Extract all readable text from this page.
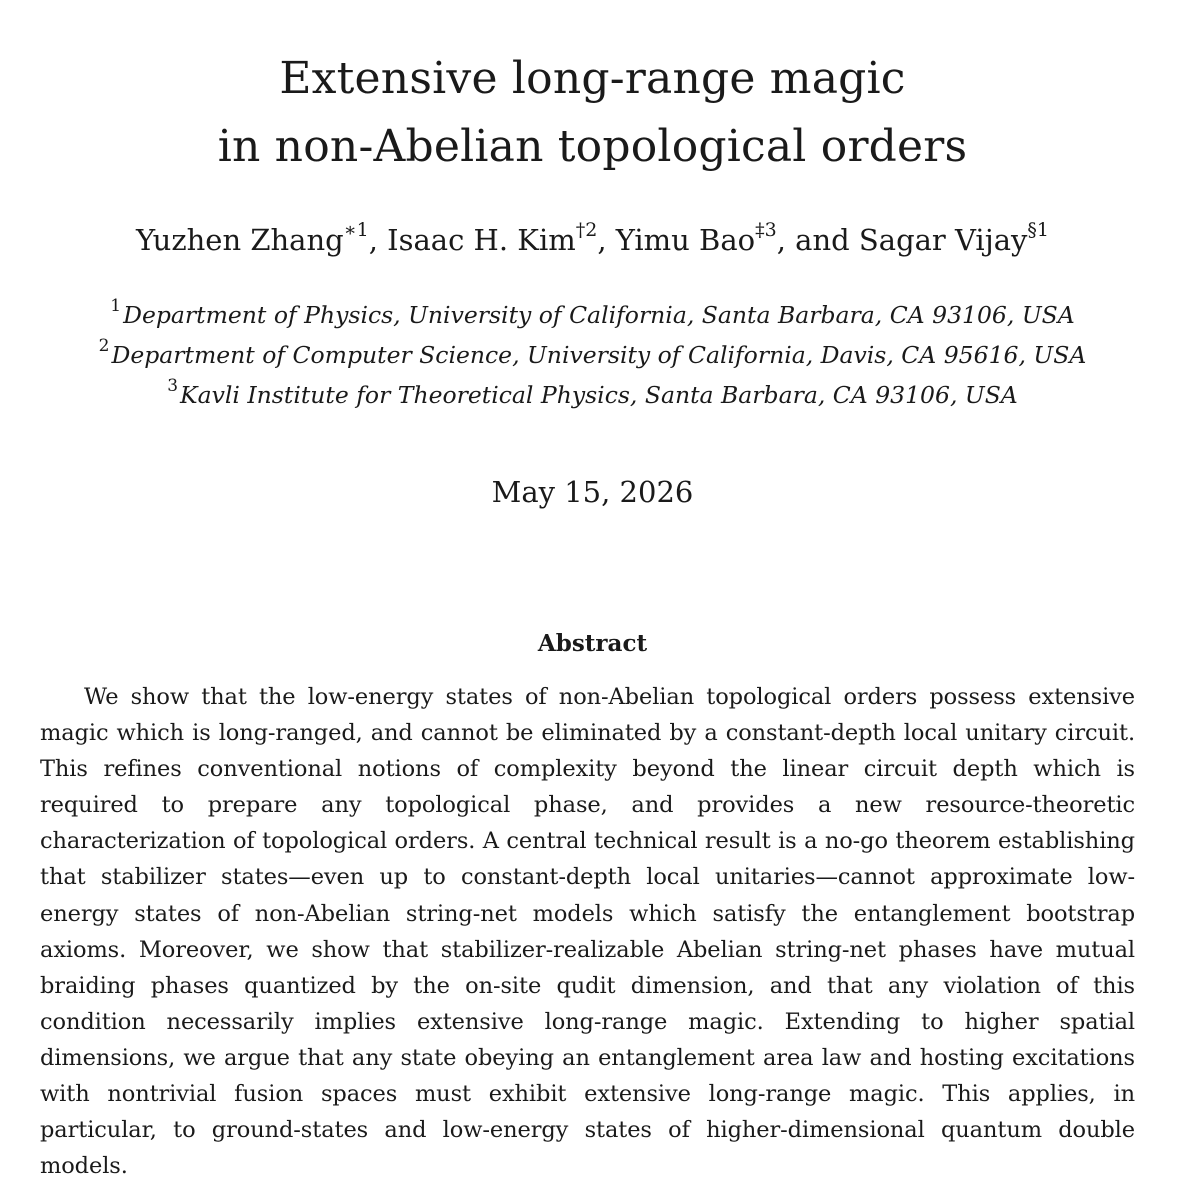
Extensive long-range magic
in non-Abelian topological orders
Yuzhen Zhang$^{∗1}$, Isaac H. Kim$^{\dagger 2}$, Yimu Bao$^{\ddagger 3}$, and Sagar Vijay$^{\S 1}$
$^1$Department of Physics, University of California, Santa Barbara, CA 93106, USA
$^2$Department of Computer Science, University of California, Davis, CA 95616, USA
$^3$Kavli Institute for Theoretical Physics, Santa Barbara, CA 93106, USA
May 15, 2026
Abstract
We show that the low-energy states of non-Abelian topological orders possess extensive magic which is long-ranged, and cannot be eliminated by a constant-depth local unitary circuit. This refines conventional notions of complexity beyond the linear circuit depth which is required to prepare any topological phase, and provides a new resource-theoretic characterization of topological orders. A central technical result is a no-go theorem establishing that stabilizer states—even up to constant-depth local unitaries—cannot approximate low-energy states of non-Abelian string-net models which satisfy the entanglement bootstrap axioms. Moreover, we show that stabilizer-realizable Abelian string-net phases have mutual braiding phases quantized by the on-site qudit dimension, and that any violation of this condition necessarily implies extensive long-range magic. Extending to higher spatial dimensions, we argue that any state obeying an entanglement area law and hosting excitations with nontrivial fusion spaces must exhibit extensive long-range magic. This applies, in particular, to ground-states and low-energy states of higher-dimensional quantum double models.
